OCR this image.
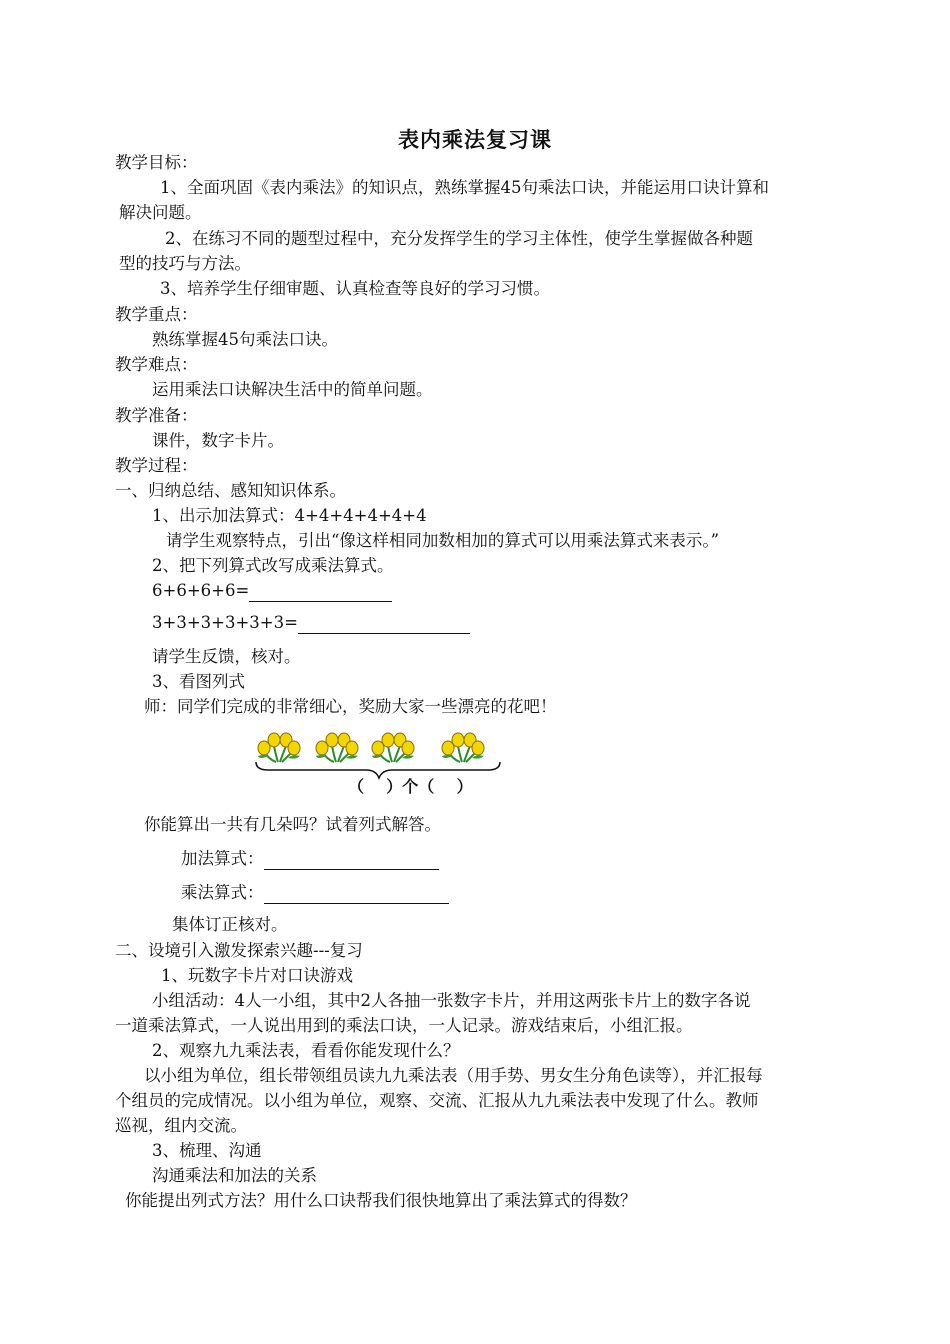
表内乘法复习课
教学目标：
1、全面巩固《表内乘法》的知识点，熟练掌握45句乘法口诀，并能运用口诀计算和
解决问题。
2、在练习不同的题型过程中，充分发挥学生的学习主体性，使学生掌握做各种题
型的技巧与方法。
3、培养学生仔细审题、认真检查等良好的学习习惯。
教学重点：
熟练掌握45句乘法口诀。
教学难点：
运用乘法口诀解决生活中的简单问题。
教学准备：
课件，数字卡片。
教学过程：
一、归纳总结、感知知识体系。
1、出示加法算式：4+4+4+4+4+4
请学生观察特点，引出“像这样相同加数相加的算式可以用乘法算式来表示。”
2、把下列算式改写成乘法算式。
6+6+6+6=
3+3+3+3+3+3=
请学生反馈，核对。
3、看图列式
师：同学们完成的非常细心，奖励大家一些漂亮的花吧！
（    ）个（    ）
你能算出一共有几朵吗？试着列式解答。
加法算式：
乘法算式：
集体订正核对。
二、设境引入激发探索兴趣---复习
1、玩数字卡片对口诀游戏
小组活动：4人一小组，其中2人各抽一张数字卡片，并用这两张卡片上的数字各说
一道乘法算式，一人说出用到的乘法口诀，一人记录。游戏结束后，小组汇报。
2、观察九九乘法表，看看你能发现什么？
以小组为单位，组长带领组员读九九乘法表（用手势、男女生分角色读等），并汇报每
个组员的完成情况。以小组为单位，观察、交流、汇报从九九乘法表中发现了什么。教师
巡视，组内交流。
3、梳理、沟通
沟通乘法和加法的关系
你能提出列式方法？用什么口诀帮我们很快地算出了乘法算式的得数？
